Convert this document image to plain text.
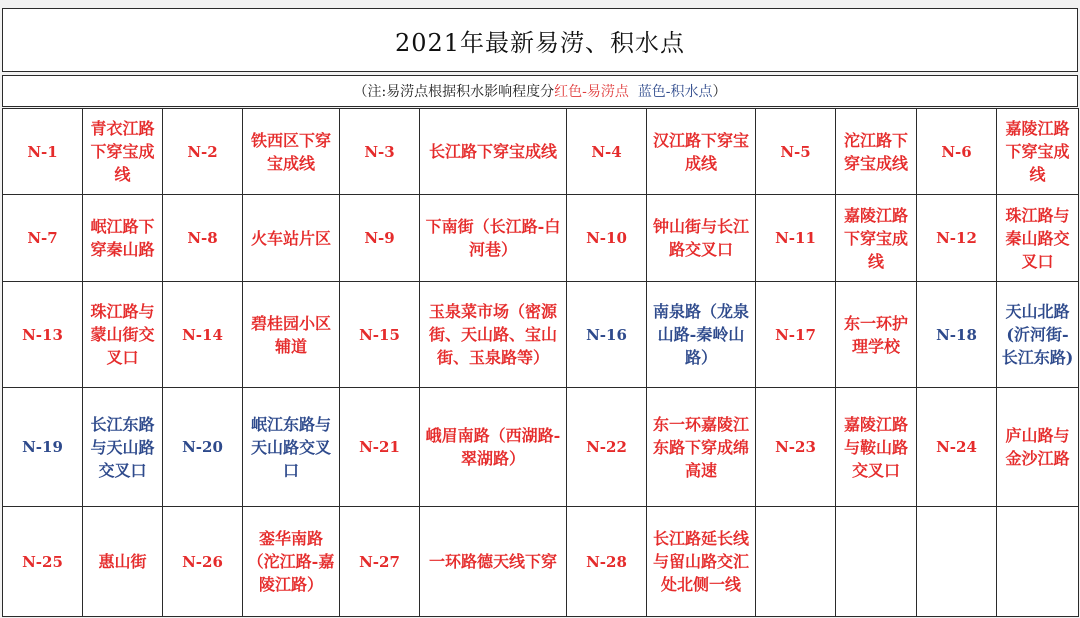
2021年最新易涝、积水点
（注:易涝点根据积水影响程度分 红色-易涝点
蓝色-积水点 ）
N-1	青衣江路下穿宝成线	N-2	铁西区下穿宝成线	N-3	长江路下穿宝成线	N-4	汉江路下穿宝成线	N-5	沱江路下穿宝成线	N-6	嘉陵江路下穿宝成线
N-7	岷江路下穿秦山路	N-8	火车站片区	N-9	下南街（长江路-白河巷）	N-10	钟山街与长江路交叉口	N-11	嘉陵江路下穿宝成线	N-12	珠江路与秦山路交叉口
N-13	珠江路与蒙山街交叉口	N-14	碧桂园小区辅道	N-15	玉泉菜市场（密源街、天山路、宝山街、玉泉路等）	N-16	南泉路（龙泉山路-秦岭山路）	N-17	东一环护理学校	N-18	天山北路(沂河街-长江东路)
N-19	长江东路与天山路交叉口	N-20	岷江东路与天山路交叉口	N-21	峨眉南路（西湖路-翠湖路）	N-22	东一环嘉陵江东路下穿成绵高速	N-23	嘉陵江路与鞍山路交叉口	N-24	庐山路与金沙江路
N-25	惠山街	N-26	銮华南路（沱江路-嘉陵江路）	N-27	一环路德天线下穿	N-28	长江路延长线与留山路交汇处北侧一线				
